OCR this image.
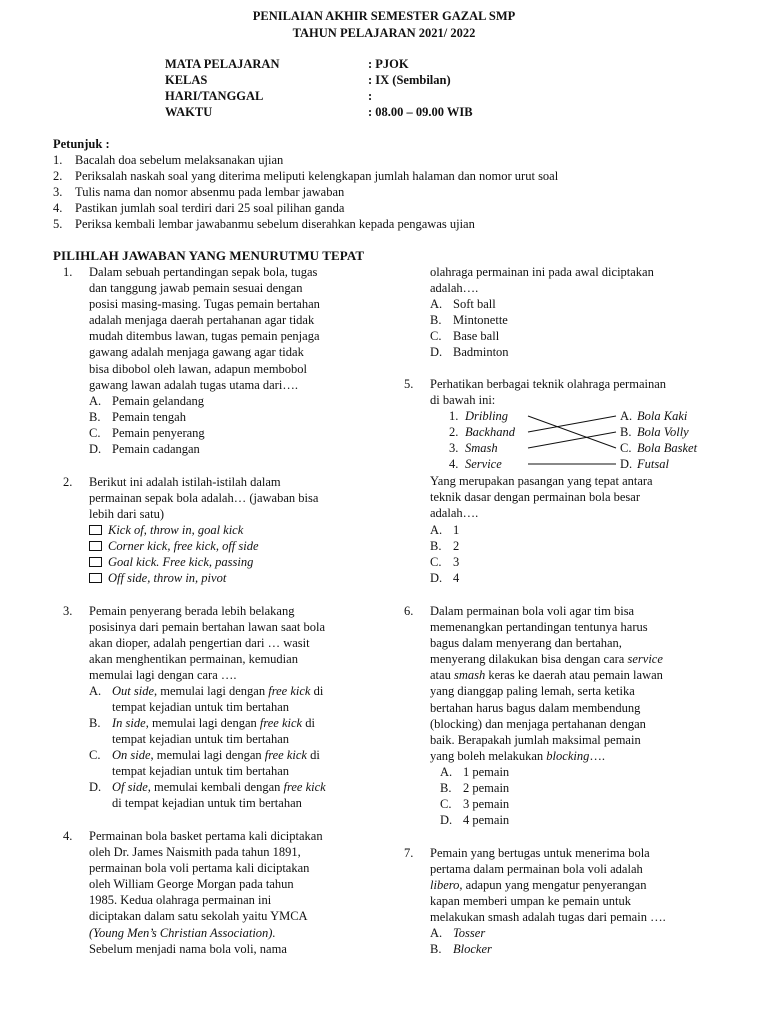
PENILAIAN AKHIR SEMESTER GAZAL SMP
TAHUN PELAJARAN 2021/ 2022
MATA PELAJARAN	: PJOK
KELAS	: IX (Sembilan)
HARI/TANGGAL	:
WAKTU	: 08.00 – 09.00 WIB
Petunjuk :
1. Bacalah doa sebelum melaksanakan ujian
2. Periksalah naskah soal yang diterima meliputi kelengkapan jumlah halaman dan nomor urut soal
3. Tulis nama dan nomor absenmu pada lembar jawaban
4. Pastikan jumlah soal terdiri dari 25 soal pilihan ganda
5. Periksa kembali lembar jawabanmu sebelum diserahkan kepada pengawas ujian
PILIHLAH JAWABAN YANG MENURUTMU TEPAT
1. Dalam sebuah pertandingan sepak bola, tugas
dan tanggung jawab pemain sesuai dengan
posisi masing-masing. Tugas pemain bertahan
adalah menjaga daerah pertahanan agar tidak
mudah ditembus lawan, tugas pemain penjaga
gawang adalah menjaga gawang agar tidak
bisa dibobol oleh lawan, adapun membobol
gawang lawan adalah tugas utama dari….
A. Pemain gelandang
B. Pemain tengah
C. Pemain penyerang
D. Pemain cadangan
2. Berikut ini adalah istilah-istilah dalam
permainan sepak bola adalah… (jawaban bisa
lebih dari satu)
Kick of, throw in, goal kick
Corner kick, free kick, off side
Goal kick. Free kick, passing
Off side, throw in, pivot
3. Pemain penyerang berada lebih belakang
posisinya dari pemain bertahan lawan saat bola
akan dioper, adalah pengertian dari … wasit
akan menghentikan permainan, kemudian
memulai lagi dengan cara ….
A. Out side, memulai lagi dengan free kick di
tempat kejadian untuk tim bertahan
B. In side, memulai lagi dengan free kick di
tempat kejadian untuk tim bertahan
C. On side, memulai lagi dengan free kick di
tempat kejadian untuk tim bertahan
D. Of side, memulai kembali dengan free kick
di tempat kejadian untuk tim bertahan
4. Permainan bola basket pertama kali diciptakan
oleh Dr. James Naismith pada tahun 1891,
permainan bola voli pertama kali diciptakan
oleh William George Morgan pada tahun
1985. Kedua olahraga permainan ini
diciptakan dalam satu sekolah yaitu YMCA
(Young Men’s Christian Association).
Sebelum menjadi nama bola voli, nama
olahraga permainan ini pada awal diciptakan
adalah….
A. Soft ball
B. Mintonette
C. Base ball
D. Badminton
5. Perhatikan berbagai teknik olahraga permainan
di bawah ini:
1. Dribling
2. Backhand
3. Smash
4. Service
A. Bola Kaki
B. Bola Volly
C. Bola Basket
D. Futsal
Yang merupakan pasangan yang tepat antara
teknik dasar dengan permainan bola besar
adalah….
A. 1
B. 2
C. 3
D. 4
6. Dalam permainan bola voli agar tim bisa
memenangkan pertandingan tentunya harus
bagus dalam menyerang dan bertahan,
menyerang dilakukan bisa dengan cara service
atau smash keras ke daerah atau pemain lawan
yang dianggap paling lemah, serta ketika
bertahan harus bagus dalam membendung
(blocking) dan menjaga pertahanan dengan
baik. Berapakah jumlah maksimal pemain
yang boleh melakukan blocking….
A. 1 pemain
B. 2 pemain
C. 3 pemain
D. 4 pemain
7. Pemain yang bertugas untuk menerima bola
pertama dalam permainan bola voli adalah
libero, adapun yang mengatur penyerangan
kapan memberi umpan ke pemain untuk
melakukan smash adalah tugas dari pemain ….
A. Tosser
B. Blocker
